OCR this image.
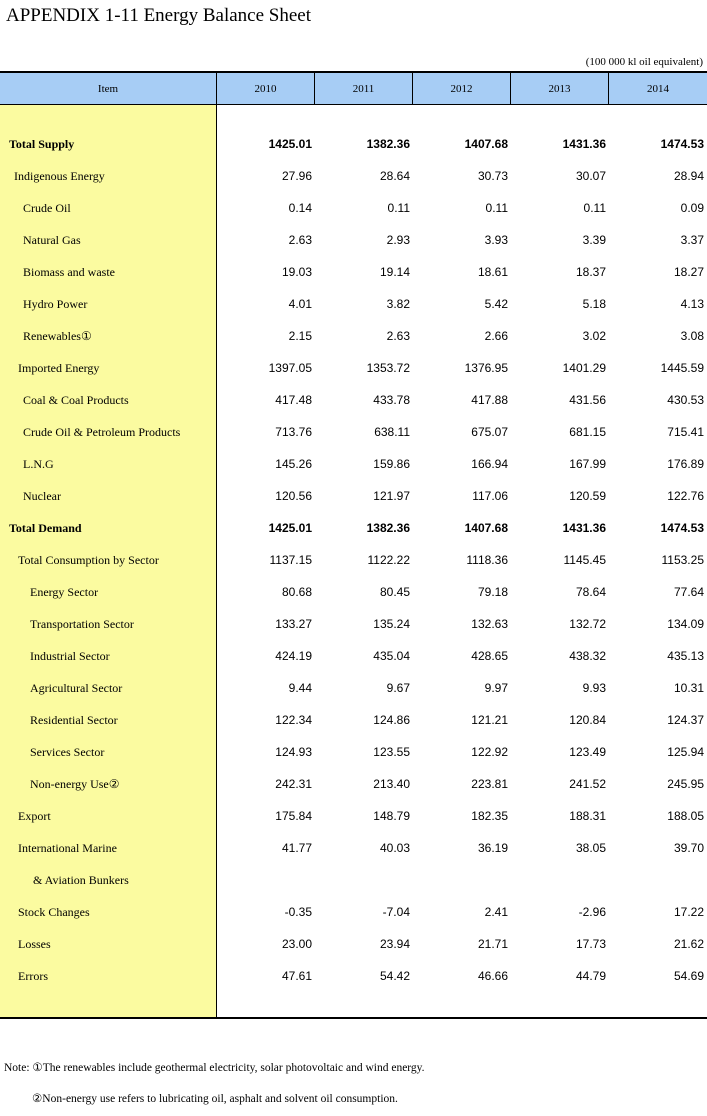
APPENDIX 1-11 Energy Balance Sheet
(100 000 kl oil equivalent)
Item	2010	2011	2012	2013	2014
Total Supply	1425.01	1382.36	1407.68	1431.36	1474.53
Indigenous Energy	27.96	28.64	30.73	30.07	28.94
Crude Oil	0.14	0.11	0.11	0.11	0.09
Natural Gas	2.63	2.93	3.93	3.39	3.37
Biomass and waste	19.03	19.14	18.61	18.37	18.27
Hydro Power	4.01	3.82	5.42	5.18	4.13
Renewables①	2.15	2.63	2.66	3.02	3.08
Imported Energy	1397.05	1353.72	1376.95	1401.29	1445.59
Coal & Coal Products	417.48	433.78	417.88	431.56	430.53
Crude Oil & Petroleum Products	713.76	638.11	675.07	681.15	715.41
L.N.G	145.26	159.86	166.94	167.99	176.89
Nuclear	120.56	121.97	117.06	120.59	122.76
Total Demand	1425.01	1382.36	1407.68	1431.36	1474.53
Total Consumption by Sector	1137.15	1122.22	1118.36	1145.45	1153.25
Energy Sector	80.68	80.45	79.18	78.64	77.64
Transportation Sector	133.27	135.24	132.63	132.72	134.09
Industrial Sector	424.19	435.04	428.65	438.32	435.13
Agricultural Sector	9.44	9.67	9.97	9.93	10.31
Residential Sector	122.34	124.86	121.21	120.84	124.37
Services Sector	124.93	123.55	122.92	123.49	125.94
Non-energy Use②	242.31	213.40	223.81	241.52	245.95
Export	175.84	148.79	182.35	188.31	188.05
International Marine	41.77	40.03	36.19	38.05	39.70
& Aviation Bunkers
Stock Changes	-0.35	-7.04	2.41	-2.96	17.22
Losses	23.00	23.94	21.71	17.73	21.62
Errors	47.61	54.42	46.66	44.79	54.69
Note: ①The renewables include geothermal electricity, solar photovoltaic and wind energy.
②Non-energy use refers to lubricating oil, asphalt and solvent oil consumption.
